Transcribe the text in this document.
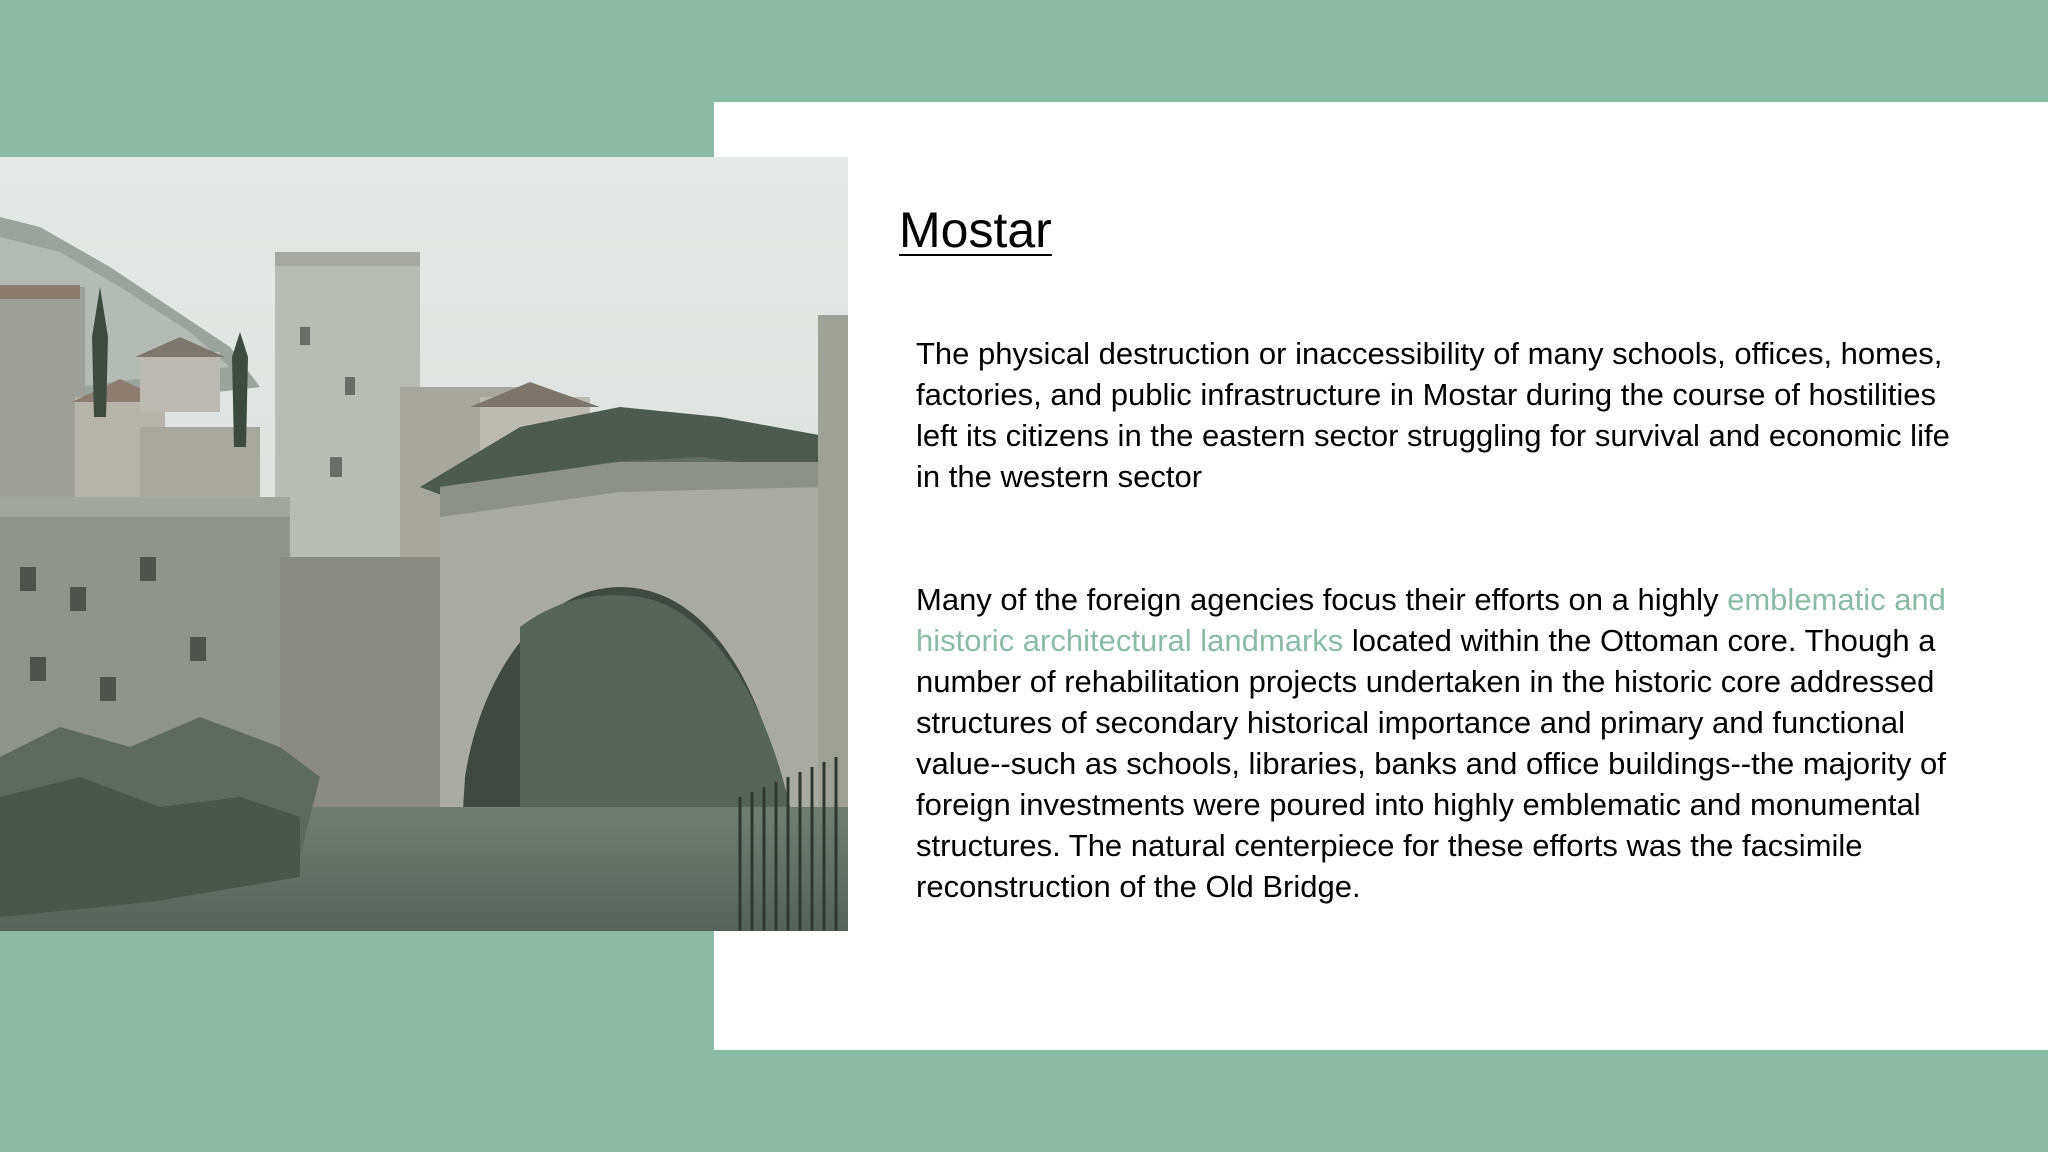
Mostar

The physical destruction or inaccessibility of many schools, offices, homes, factories, and public infrastructure in Mostar during the course of hostilities left its citizens in the eastern sector struggling for survival and economic life in the western sector

Many of the foreign agencies focus their efforts on a highly emblematic and historic architectural landmarks located within the Ottoman core. Though a number of rehabilitation projects undertaken in the historic core addressed structures of secondary historical importance and primary and functional value--such as schools, libraries, banks and office buildings--the majority of foreign investments were poured into highly emblematic and monumental structures. The natural centerpiece for these efforts was the facsimile reconstruction of the Old Bridge.
